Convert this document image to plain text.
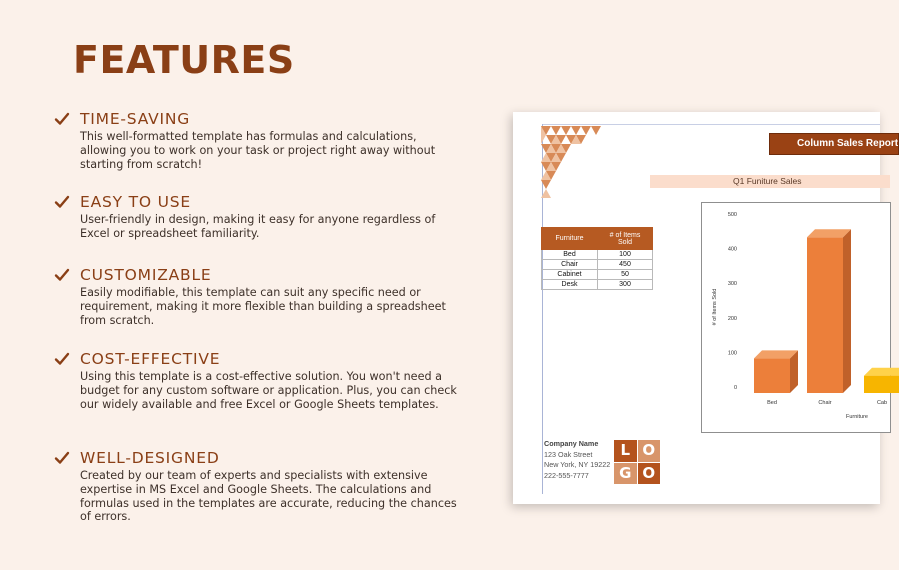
FEATURES
TIME-SAVING

This well-formatted template has formulas and calculations, allowing you to work on your task or project right away without starting from scratch!

EASY TO USE

User-friendly in design, making it easy for anyone regardless of Excel or spreadsheet familiarity.

CUSTOMIZABLE

Easily modifiable, this template can suit any specific need or requirement, making it more flexible than building a spreadsheet from scratch.

COST-EFFECTIVE

Using this template is a cost-effective solution. You won't need a budget for any custom software or application. Plus, you can check our widely available and free Excel or Google Sheets templates.

WELL-DESIGNED

Created by our team of experts and specialists with extensive expertise in MS Excel and Google Sheets. The calculations and formulas used in the templates are accurate, reducing the chances of errors.

Column Sales Report
Q1 Funiture Sales
Furniture	# of Items Sold
Bed	100
Chair	450
Cabinet	50
Desk	300
Company Name
123 Oak Street
New York, NY 19222
222-555-7777
L O
G O
0
100
200
300
400
500
# of Items Sold
Bed	Chair	Cab
Furniture
